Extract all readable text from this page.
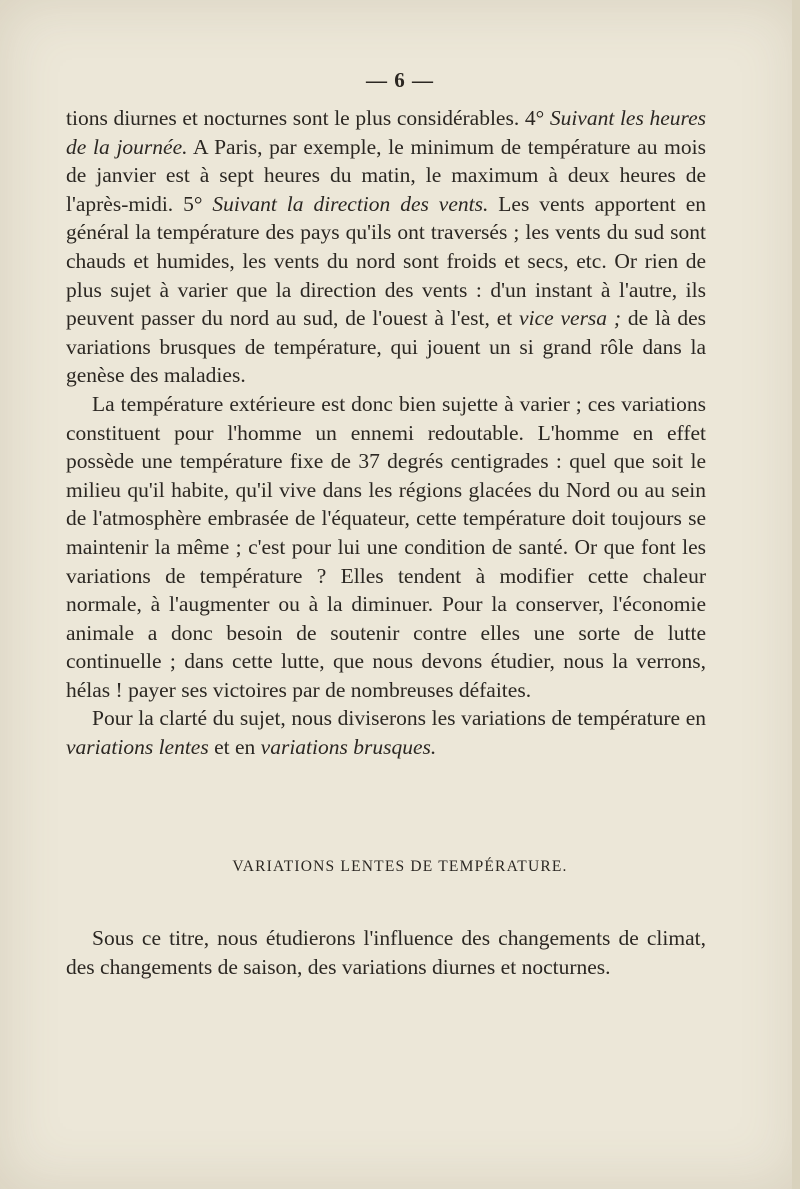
— 6 —

tions diurnes et nocturnes sont le plus considérables. 4° Suivant les heures de la journée. A Paris, par exemple, le minimum de température au mois de janvier est à sept heures du matin, le maximum à deux heures de l'après-midi. 5° Suivant la direction des vents. Les vents apportent en général la température des pays qu'ils ont traversés ; les vents du sud sont chauds et humides, les vents du nord sont froids et secs, etc. Or rien de plus sujet à varier que la direction des vents : d'un instant à l'autre, ils peuvent passer du nord au sud, de l'ouest à l'est, et vice versa ; de là des variations brusques de température, qui jouent un si grand rôle dans la genèse des maladies.

La température extérieure est donc bien sujette à varier ; ces variations constituent pour l'homme un ennemi redoutable. L'homme en effet possède une température fixe de 37 degrés centigrades : quel que soit le milieu qu'il habite, qu'il vive dans les régions glacées du Nord ou au sein de l'atmosphère embrasée de l'équateur, cette température doit toujours se maintenir la même ; c'est pour lui une condition de santé. Or que font les variations de température ? Elles tendent à modifier cette chaleur normale, à l'augmenter ou à la diminuer. Pour la conserver, l'économie animale a donc besoin de soutenir contre elles une sorte de lutte continuelle ; dans cette lutte, que nous devons étudier, nous la verrons, hélas ! payer ses victoires par de nombreuses défaites.

Pour la clarté du sujet, nous diviserons les variations de température en variations lentes et en variations brusques.

VARIATIONS LENTES DE TEMPÉRATURE.

Sous ce titre, nous étudierons l'influence des changements de climat, des changements de saison, des variations diurnes et nocturnes.
